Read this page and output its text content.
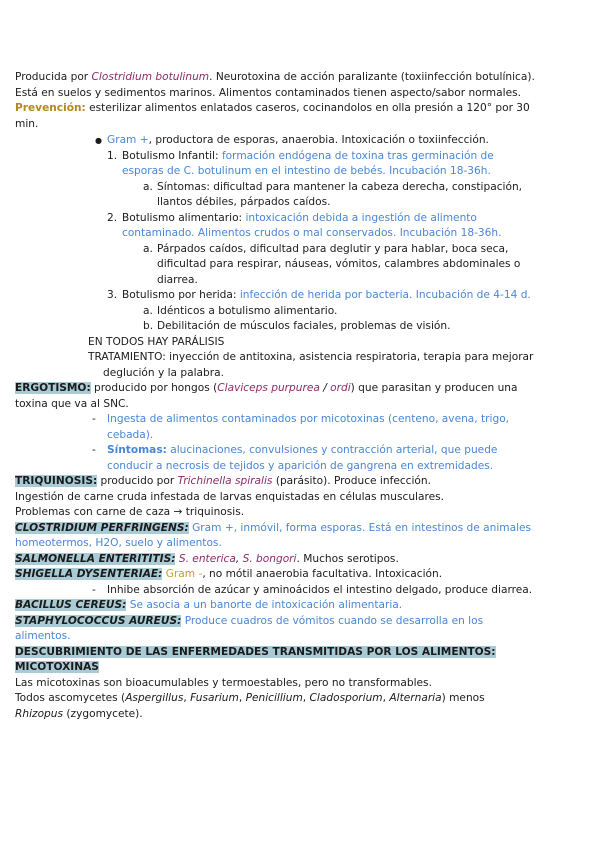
Producida por Clostridium botulinum. Neurotoxina de acción paralizante (toxiinfección botulínica). Está en suelos y sedimentos marinos. Alimentos contaminados tienen aspecto/sabor normales.

Prevención: esterilizar alimentos enlatados caseros, cocinandolos en olla presión a 120° por 30 min.

● Gram +, productora de esporas, anaerobia. Intoxicación o toxiinfección.

1. Botulismo Infantil: formación endógena de toxina tras germinación de esporas de C. botulinum en el intestino de bebés. Incubación 18-36h.

a. Síntomas: dificultad para mantener la cabeza derecha, constipación, llantos débiles, párpados caídos.

2. Botulismo alimentario: intoxicación debida a ingestión de alimento contaminado. Alimentos crudos o mal conservados. Incubación 18-36h.

a. Párpados caídos, dificultad para deglutir y para hablar, boca seca, dificultad para respirar, náuseas, vómitos, calambres abdominales o diarrea.

3. Botulismo por herida: infección de herida por bacteria. Incubación de 4-14 d.

a. Idénticos a botulismo alimentario.

b. Debilitación de músculos faciales, problemas de visión.

EN TODOS HAY PARÁLISIS

TRATAMIENTO: inyección de antitoxina, asistencia respiratoria, terapia para mejorar deglución y la palabra.

ERGOTISMO: producido por hongos (Claviceps purpurea / ordi) que parasitan y producen una toxina que va al SNC.

- Ingesta de alimentos contaminados por micotoxinas (centeno, avena, trigo, cebada).

- Síntomas: alucinaciones, convulsiones y contracción arterial, que puede conducir a necrosis de tejidos y aparición de gangrena en extremidades.

TRIQUINOSIS: producido por Trichinella spiralis (parásito). Produce infección.

Ingestión de carne cruda infestada de larvas enquistadas en células musculares.

Problemas con carne de caza → triquinosis.

CLOSTRIDIUM PERFRINGENS: Gram +, inmóvil, forma esporas. Está en intestinos de animales homeotermos, H2O, suelo y alimentos.

SALMONELLA ENTERITITIS: S. enterica, S. bongori. Muchos serotipos.

SHIGELLA DYSENTERIAE: Gram -, no mótil anaerobia facultativa. Intoxicación.

- Inhibe absorción de azúcar y aminoácidos el intestino delgado, produce diarrea.

BACILLUS CEREUS: Se asocia a un banorte de intoxicación alimentaria.

STAPHYLOCOCCUS AUREUS: Produce cuadros de vómitos cuando se desarrolla en los alimentos.

DESCUBRIMIENTO DE LAS ENFERMEDADES TRANSMITIDAS POR LOS ALIMENTOS:

MICOTOXINAS

Las micotoxinas son bioacumulables y termoestables, pero no transformables.

Todos ascomycetes (Aspergillus, Fusarium, Penicillium, Cladosporium, Alternaria) menos Rhizopus (zygomycete).
